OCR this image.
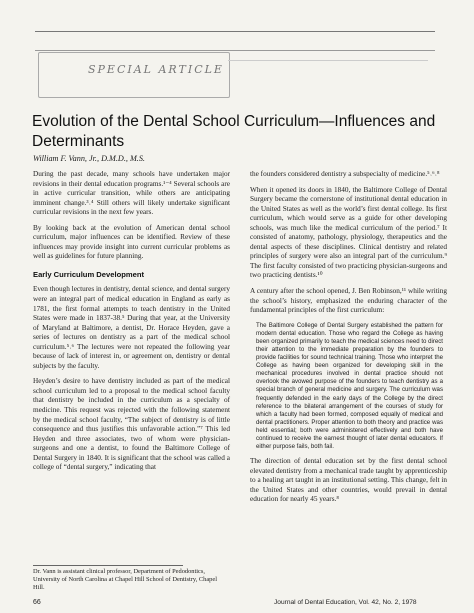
SPECIAL ARTICLE
Evolution of the Dental School Curriculum—Influences and Determinants
William F. Vann, Jr., D.M.D., M.S.

During the past decade, many schools have undertaken major revisions in their dental education programs.¹⁻⁴ Several schools are in active curricular transition, while others are anticipating imminent change.³˒⁴ Still others will likely undertake significant curricular revisions in the next few years.

By looking back at the evolution of American dental school curriculum, major influences can be identified. Review of these influences may provide insight into current curricular problems as well as guidelines for future planning.

Early Curriculum Development

Even though lectures in dentistry, dental science, and dental surgery were an integral part of medical education in England as early as 1781, the first formal attempts to teach dentistry in the United States were made in 1837-38.⁵ During that year, at the University of Maryland at Baltimore, a dentist, Dr. Horace Heyden, gave a series of lectures on dentistry as a part of the medical school curriculum.⁵˒⁶ The lectures were not repeated the following year because of lack of interest in, or agreement on, dentistry or dental subjects by the faculty.

Heyden’s desire to have dentistry included as part of the medical school curriculum led to a proposal to the medical school faculty that dentistry be included in the curriculum as a specialty of medicine. This request was rejected with the following statement by the medical school faculty, “The subject of dentistry is of little consequence and thus justifies this unfavorable action.”⁷ This led Heyden and three associates, two of whom were physician-surgeons and one a dentist, to found the Baltimore College of Dental Surgery in 1840. It is significant that the school was called a college of “dental surgery,” indicating that

the founders considered dentistry a subspecialty of medicine.⁵˒⁶˒⁸

When it opened its doors in 1840, the Baltimore College of Dental Surgery became the cornerstone of institutional dental education in the United States as well as the world’s first dental college. Its first curriculum, which would serve as a guide for other developing schools, was much like the medical curriculum of the period.⁷ It consisted of anatomy, pathology, physiology, therapeutics and the dental aspects of these disciplines. Clinical dentistry and related principles of surgery were also an integral part of the curriculum.⁹ The first faculty consisted of two practicing physician-surgeons and two practicing dentists.¹⁰

A century after the school opened, J. Ben Robinson,¹¹ while writing the school’s history, emphasized the enduring character of the fundamental principles of the first curriculum:

The Baltimore College of Dental Surgery established the pattern for modern dental education. Those who regard the College as having been organized primarily to teach the medical sciences need to direct their attention to the immediate preparation by the founders to provide facilities for sound technical training. Those who interpret the College as having been organized for developing skill in the mechanical procedures involved in dental practice should not overlook the avowed purpose of the founders to teach dentistry as a special branch of general medicine and surgery. The curriculum was frequently defended in the early days of the College by the direct reference to the bilateral arrangement of the courses of study for which a faculty had been formed, composed equally of medical and dental practitioners. Proper attention to both theory and practice was held essential; both were administered effectively and both have continued to receive the earnest thought of later dental educators. If either purpose fails, both fail.

The direction of dental education set by the first dental school elevated dentistry from a mechanical trade taught by apprenticeship to a healing art taught in an institutional setting. This change, felt in the United States and other countries, would prevail in dental education for nearly 45 years.⁸

Dr. Vann is assistant clinical professor, Department of Pedodontics, University of North Carolina at Chapel Hill School of Dentistry, Chapel Hill.
66	Journal of Dental Education, Vol. 42, No. 2, 1978
